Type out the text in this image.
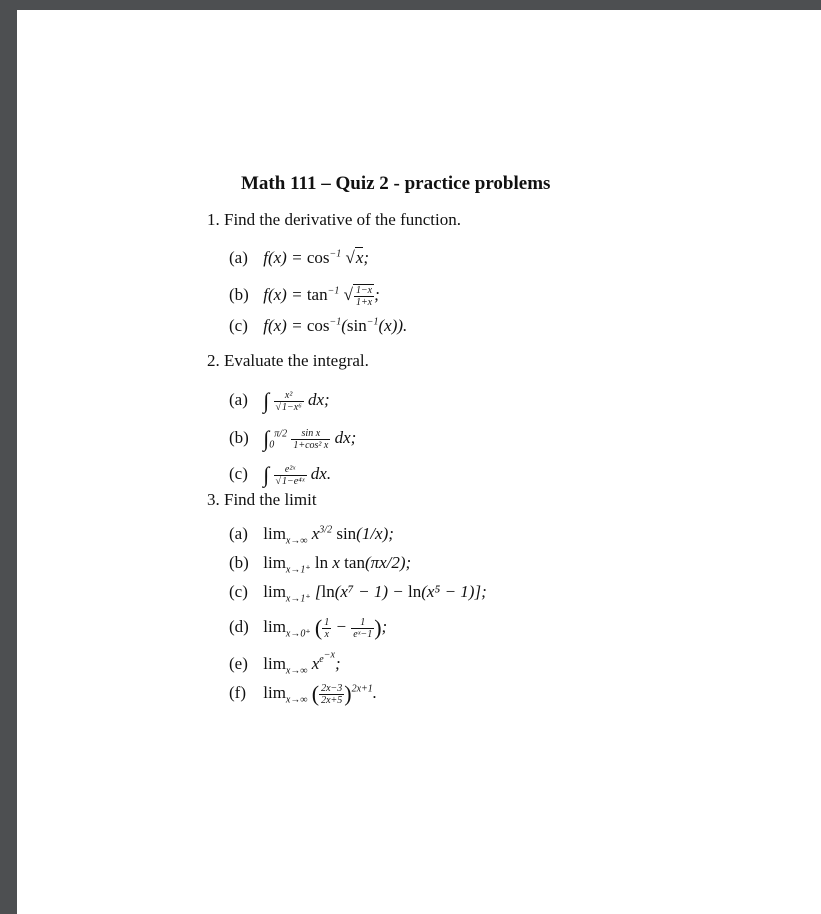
Math 111 – Quiz 2 - practice problems
1. Find the derivative of the function.
(a) $f(x) = \cos^{-1} √x$;
(b) $f(x) = \tan^{-1}$ √ $\frac{1-x}{1+x}$ ;
(c) $f(x) = \cos^{-1}(\sin^{-1}(x))$.
2. Evaluate the integral.
(a) ∫ $\frac{\text{x²}}{\text{√1−x⁶}}$ dx;
(b) $\int_0^{\pi/2} \frac{\text{sin x}}{\text{1+cos² x}}$ dx;
(c) ∫ $\frac{\text{e²ˣ}}{\text{√1−e⁴ˣ}}$ dx.
3. Find the limit
(a) $\lim_{x\to\infty} x^{3/2}$ sin(1/x);
(b) $\lim_{x\to 1^+} \ln x$ tan(πx/2);
(c) $\lim_{x\to 1^+} [\ln(x^7 - 1) - \ln(x^5 - 1)]$;
(d) $\lim_{x\to 0^+}$ ( $\frac{1}{x} - \frac{1}{\text{eˣ−1}}$ );
(e) $\lim_{x\to\infty} x^{e^{-x}}$;
(f) $\lim_{x\to\infty}$ ( $\frac{2x-3}{2x+5} )^{2x+1}$.
